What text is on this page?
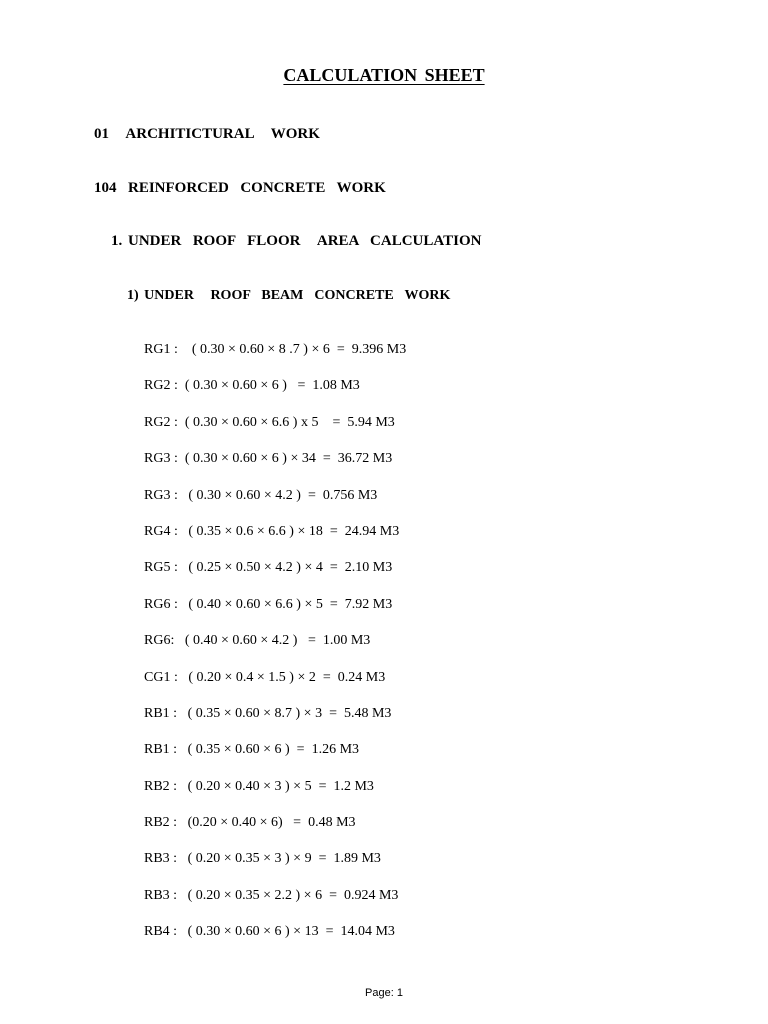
CALCULATION SHEET
01   ARCHITICTURAL   WORK
104  REINFORCED  CONCRETE  WORK
1. UNDER  ROOF  FLOOR   AREA  CALCULATION
1) UNDER   ROOF  BEAM  CONCRETE  WORK
RG1 :    ( 0.30 × 0.60 × 8 .7 ) × 6  =  9.396 M3
RG2 :  ( 0.30 × 0.60 × 6 )   =  1.08 M3
RG2 :  ( 0.30 × 0.60 × 6.6 ) x 5    =  5.94 M3
RG3 :  ( 0.30 × 0.60 × 6 ) × 34  =  36.72 M3
RG3 :   ( 0.30 × 0.60 × 4.2 )  =  0.756 M3
RG4 :   ( 0.35 × 0.6 × 6.6 ) × 18  =  24.94 M3
RG5 :   ( 0.25 × 0.50 × 4.2 ) × 4  =  2.10 M3
RG6 :   ( 0.40 × 0.60 × 6.6 ) × 5  =  7.92 M3
RG6:   ( 0.40 × 0.60 × 4.2 )   =  1.00 M3
CG1 :   ( 0.20 × 0.4 × 1.5 ) × 2  =  0.24 M3
RB1 :   ( 0.35 × 0.60 × 8.7 ) × 3  =  5.48 M3
RB1 :   ( 0.35 × 0.60 × 6 )  =  1.26 M3
RB2 :   ( 0.20 × 0.40 × 3 ) × 5  =  1.2 M3
RB2 :   (0.20 × 0.40 × 6)   =  0.48 M3
RB3 :   ( 0.20 × 0.35 × 3 ) × 9  =  1.89 M3
RB3 :   ( 0.20 × 0.35 × 2.2 ) × 6  =  0.924 M3
RB4 :   ( 0.30 × 0.60 × 6 ) × 13  =  14.04 M3
Page: 1
